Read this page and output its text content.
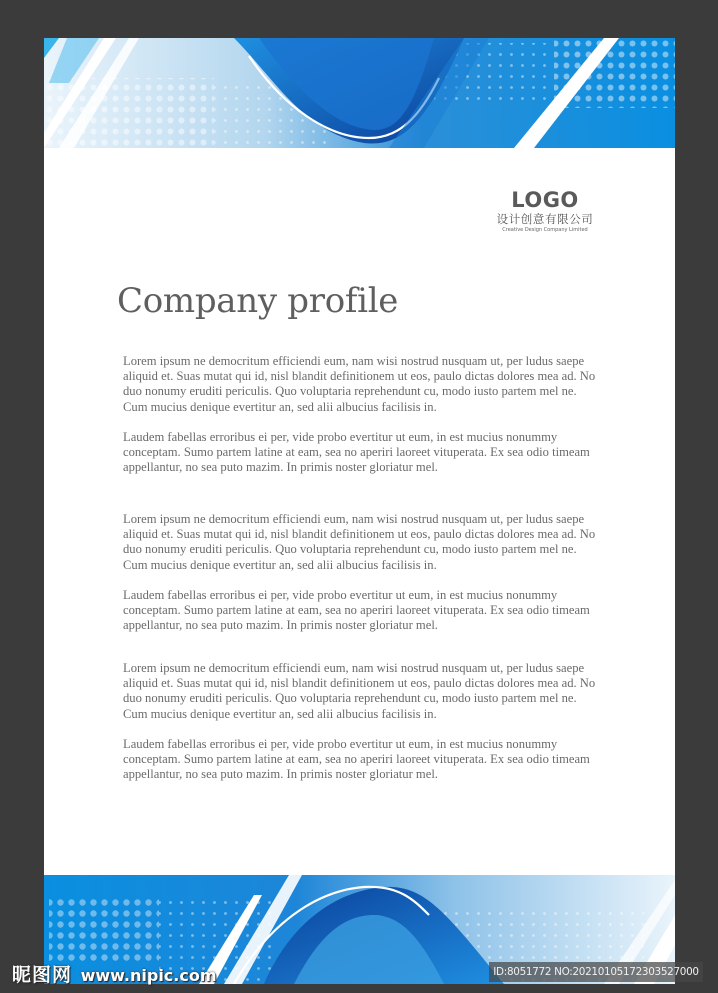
LOGO
设计创意有限公司
Creative Design Company Limited
Company profile

Lorem ipsum ne democritum efficiendi eum, nam wisi nostrud nusquam ut, per ludus saepe aliquid et. Suas mutat qui id, nisl blandit definitionem ut eos, paulo dictas dolores mea ad. No duo nonumy eruditi periculis. Quo voluptaria reprehendunt cu, modo iusto partem mel ne. Cum mucius denique evertitur an, sed alii albucius facilisis in.

Laudem fabellas erroribus ei per, vide probo evertitur ut eum, in est mucius nonummy conceptam. Sumo partem latine at eam, sea no aperiri laoreet vituperata. Ex sea odio timeam appellantur, no sea puto mazim. In primis noster gloriatur mel.

Lorem ipsum ne democritum efficiendi eum, nam wisi nostrud nusquam ut, per ludus saepe aliquid et. Suas mutat qui id, nisl blandit definitionem ut eos, paulo dictas dolores mea ad. No duo nonumy eruditi periculis. Quo voluptaria reprehendunt cu, modo iusto partem mel ne. Cum mucius denique evertitur an, sed alii albucius facilisis in.

Laudem fabellas erroribus ei per, vide probo evertitur ut eum, in est mucius nonummy conceptam. Sumo partem latine at eam, sea no aperiri laoreet vituperata. Ex sea odio timeam appellantur, no sea puto mazim. In primis noster gloriatur mel.

Lorem ipsum ne democritum efficiendi eum, nam wisi nostrud nusquam ut, per ludus saepe aliquid et. Suas mutat qui id, nisl blandit definitionem ut eos, paulo dictas dolores mea ad. No duo nonumy eruditi periculis. Quo voluptaria reprehendunt cu, modo iusto partem mel ne. Cum mucius denique evertitur an, sed alii albucius facilisis in.

Laudem fabellas erroribus ei per, vide probo evertitur ut eum, in est mucius nonummy conceptam. Sumo partem latine at eam, sea no aperiri laoreet vituperata. Ex sea odio timeam appellantur, no sea puto mazim. In primis noster gloriatur mel.

昵图网 www.nipic.com	ID:8051772 NO:20210105172303527000
